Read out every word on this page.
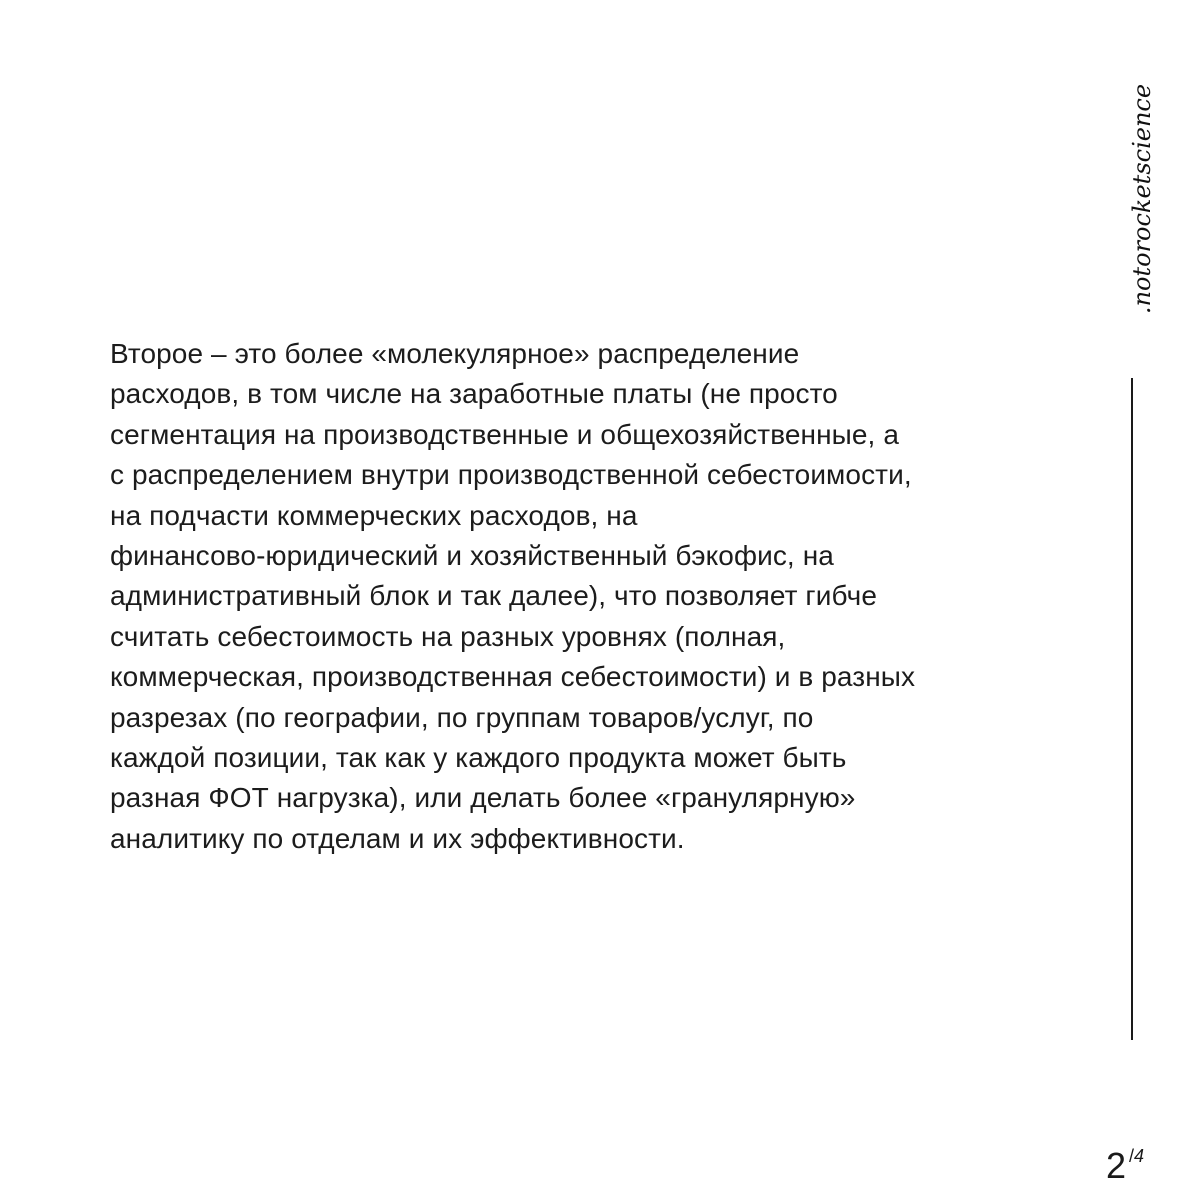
.notorocketscience
Второе – это более «молекулярное» распределение
расходов, в том числе на заработные платы (не просто
сегментация на производственные и общехозяйственные, а
с распределением внутри производственной себестоимости,
на подчасти коммерческих расходов, на
финансово-юридический и хозяйственный бэкофис, на
административный блок и так далее), что позволяет гибче
считать себестоимость на разных уровнях (полная,
коммерческая, производственная себестоимости) и в разных
разрезах (по географии, по группам товаров/услуг, по
каждой позиции, так как у каждого продукта может быть
разная ФОТ нагрузка), или делать более «гранулярную»
аналитику по отделам и их эффективности.
2 /4
